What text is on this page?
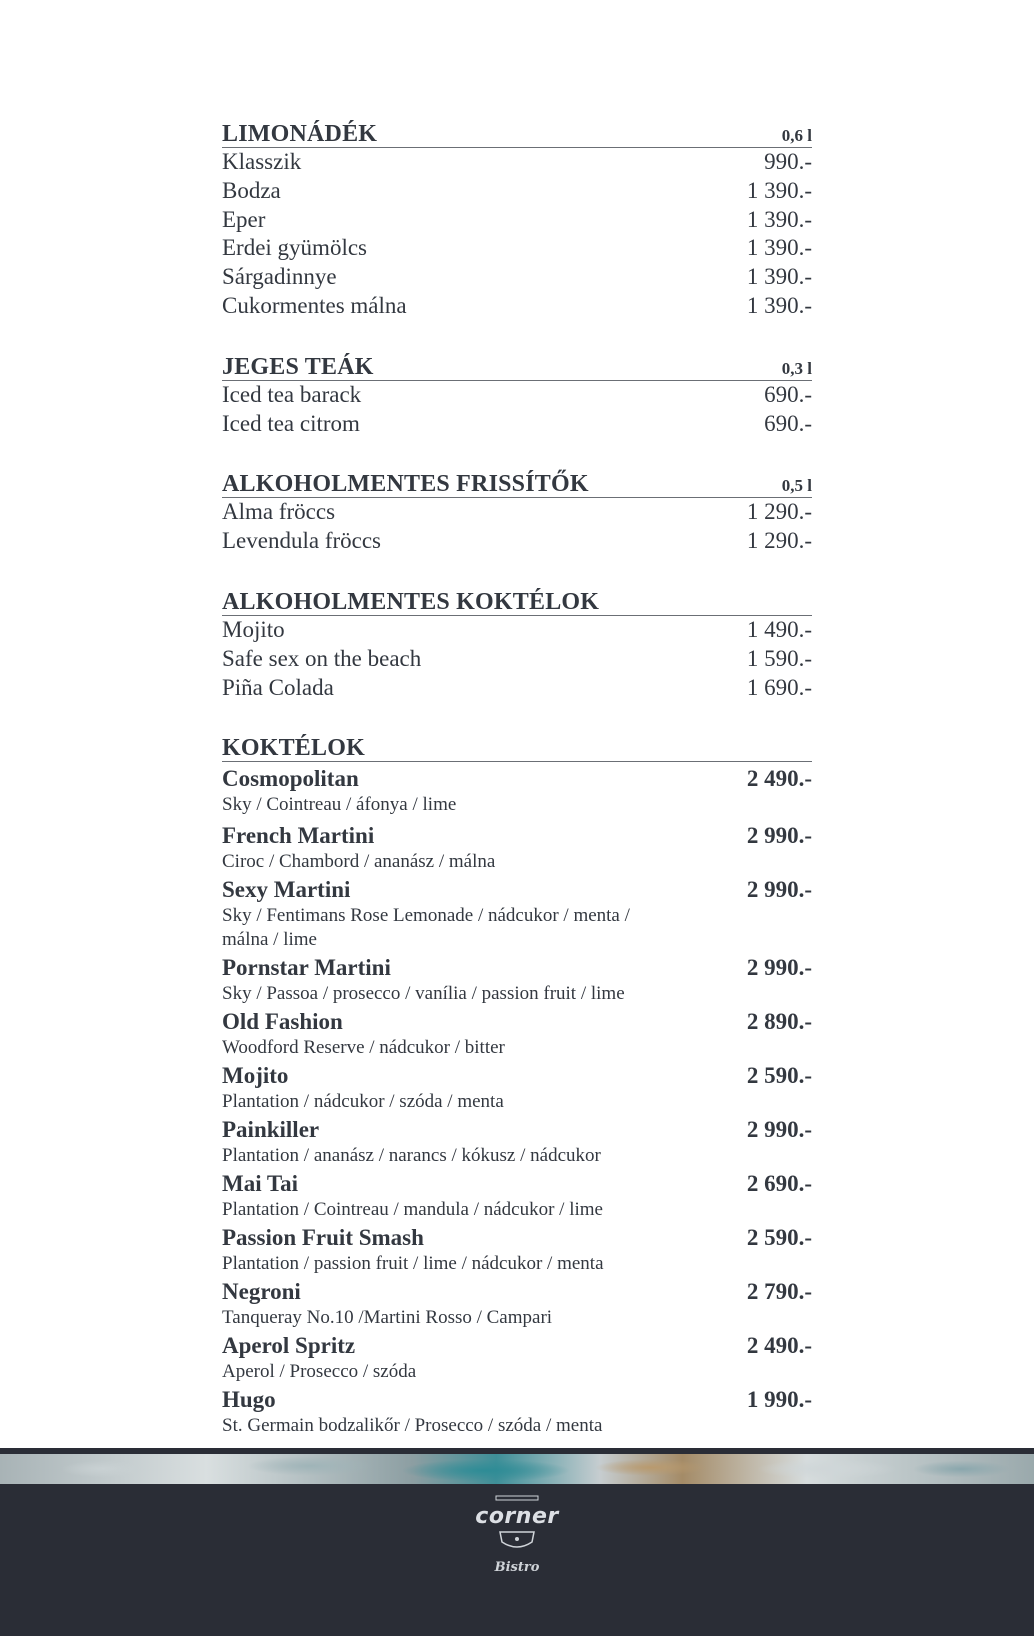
LIMONÁDÉK	0,6 l
Klasszik	990.-
Bodza	1 390.-
Eper	1 390.-
Erdei gyümölcs	1 390.-
Sárgadinnye	1 390.-
Cukormentes málna	1 390.-
JEGES TEÁK	0,3 l
Iced tea barack	690.-
Iced tea citrom	690.-
ALKOHOLMENTES FRISSÍTŐK	0,5 l
Alma fröccs	1 290.-
Levendula fröccs	1 290.-
ALKOHOLMENTES KOKTÉLOK
Mojito	1 490.-
Safe sex on the beach	1 590.-
Piña Colada	1 690.-
KOKTÉLOK
Cosmopolitan	2 490.-
Sky / Cointreau / áfonya / lime
French Martini	2 990.-
Ciroc / Chambord / ananász / málna
Sexy Martini	2 990.-
Sky / Fentimans Rose Lemonade / nádcukor / menta / málna / lime
Pornstar Martini	2 990.-
Sky / Passoa / prosecco / vanília / passion fruit / lime
Old Fashion	2 890.-
Woodford Reserve / nádcukor / bitter
Mojito	2 590.-
Plantation / nádcukor / szóda / menta
Painkiller	2 990.-
Plantation / ananász / narancs / kókusz / nádcukor
Mai Tai	2 690.-
Plantation / Cointreau / mandula / nádcukor / lime
Passion Fruit Smash	2 590.-
Plantation / passion fruit / lime / nádcukor / menta
Negroni	2 790.-
Tanqueray No.10 /Martini Rosso / Campari
Aperol Spritz	2 490.-
Aperol / Prosecco / szóda
Hugo	1 990.-
St. Germain bodzalikőr / Prosecco / szóda / menta
corner
Bistro
